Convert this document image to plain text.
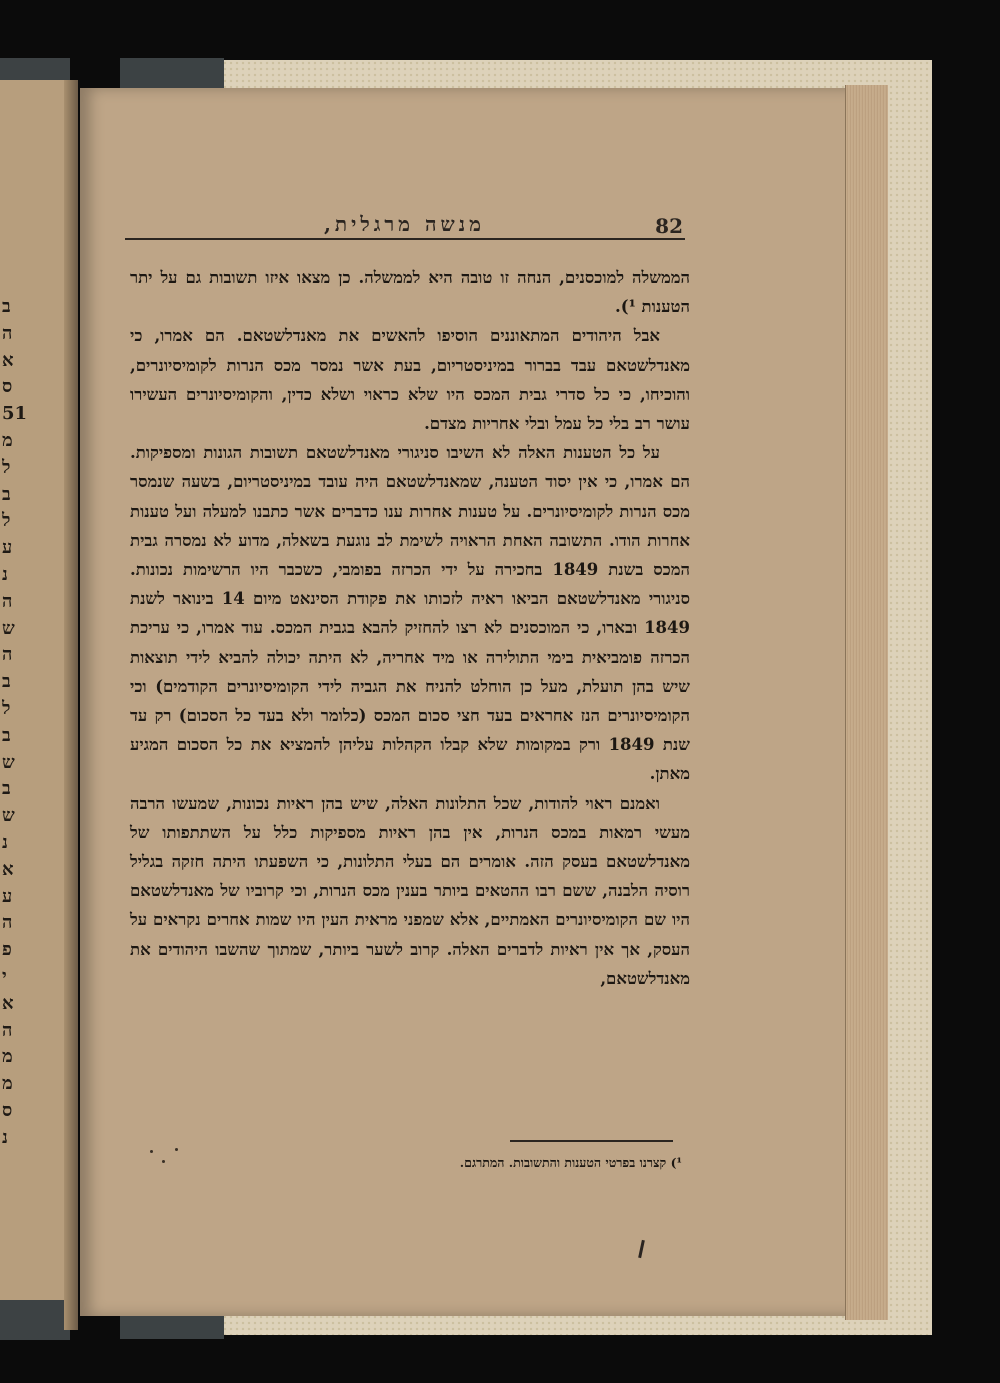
ב
ה
א
ס
51
מ
ל
ב
ל
ע
נ
ה
ש
ה
ב
ל
ב
ש
ב
ש
נ
א
ע
ה
פ
י
א
ה
מ
מ
ס
נ
82
מנשה מרגלית,

הממשלה למוכסנים, הנחה זו טובה היא לממשלה. כן מצאו איזו תשובות גם על יתר הטענות ¹).

אבל היהודים המתאוננים הוסיפו להאשים את מאנדלשטאם. הם אמרו, כי מאנדלשטאם עבד בברור במיניסטריום, בעת אשר נמסר מכס הנרות לקומיסיונרים, והוכיחו, כי כל סדרי גבית המכס היו שלא כראוי ושלא כדין, והקומיסיונרים העשירו עושר רב בלי כל עמל ובלי אחריות מצדם.

על כל הטענות האלה לא השיבו סניגורי מאנדלשטאם תשובות הגונות ומספיקות. הם אמרו, כי אין יסוד הטענה, שמאנדלשטאם היה עובד במיניסטריום, בשעה שנמסר מכס הנרות לקומיסיונרים. על טענות אחרות ענו כדברים אשר כתבנו למעלה ועל טענות אחרות הודו. התשובה האחת הראויה לשימת לב נוגעת בשאלה, מדוע לא נמסרה גבית המכס בשנת 1849 בחכירה על ידי הכרזה בפומבי, כשכבר היו הרשימות נכונות. סניגורי מאנדלשטאם הביאו ראיה לזכותו את פקודת הסינאט מיום 14 בינואר לשנת 1849 ובארו, כי המוכסנים לא רצו להחזיק להבא בגבית המכס. עוד אמרו, כי עריכת הכרזה פומביאית בימי התולירה או מיד אחריה, לא היתה יכולה להביא לידי תוצאות שיש בהן תועלת, מעל כן הוחלט להניח את הגביה לידי הקומיסיונרים הקודמים) וכי הקומיסיונרים הנז אחראים בעד חצי סכום המכס (כלומר ולא בעד כל הסכום) רק עד שנת 1849 ורק במקומות שלא קבלו הקהלות עליהן להמציא את כל הסכום המגיע מאתן.

ואמנם ראוי להודות, שכל התלונות האלה, שיש בהן ראיות נכונות, שמעשו הרבה מעשי רמאות במכס הנרות, אין בהן ראיות מספיקות כלל על השתתפותו של מאנדלשטאם בעסק הזה. אומרים הם בעלי התלונות, כי השפעתו היתה חזקה בגליל רוסיה הלבנה, ששם רבו ההטאים ביותר בענין מכס הנרות, וכי קרוביו של מאנדלשטאם היו שם הקומיסיונרים האמתיים, אלא שמפני מראית העין היו שמות אחרים נקראים על העסק, אך אין ראיות לדברים האלה. קרוב לשער ביותר, שמתוך שהשבו היהודים את מאנדלשטאם,

¹) קצרנו בפרטי הטענות והתשובות. המתרגם.
